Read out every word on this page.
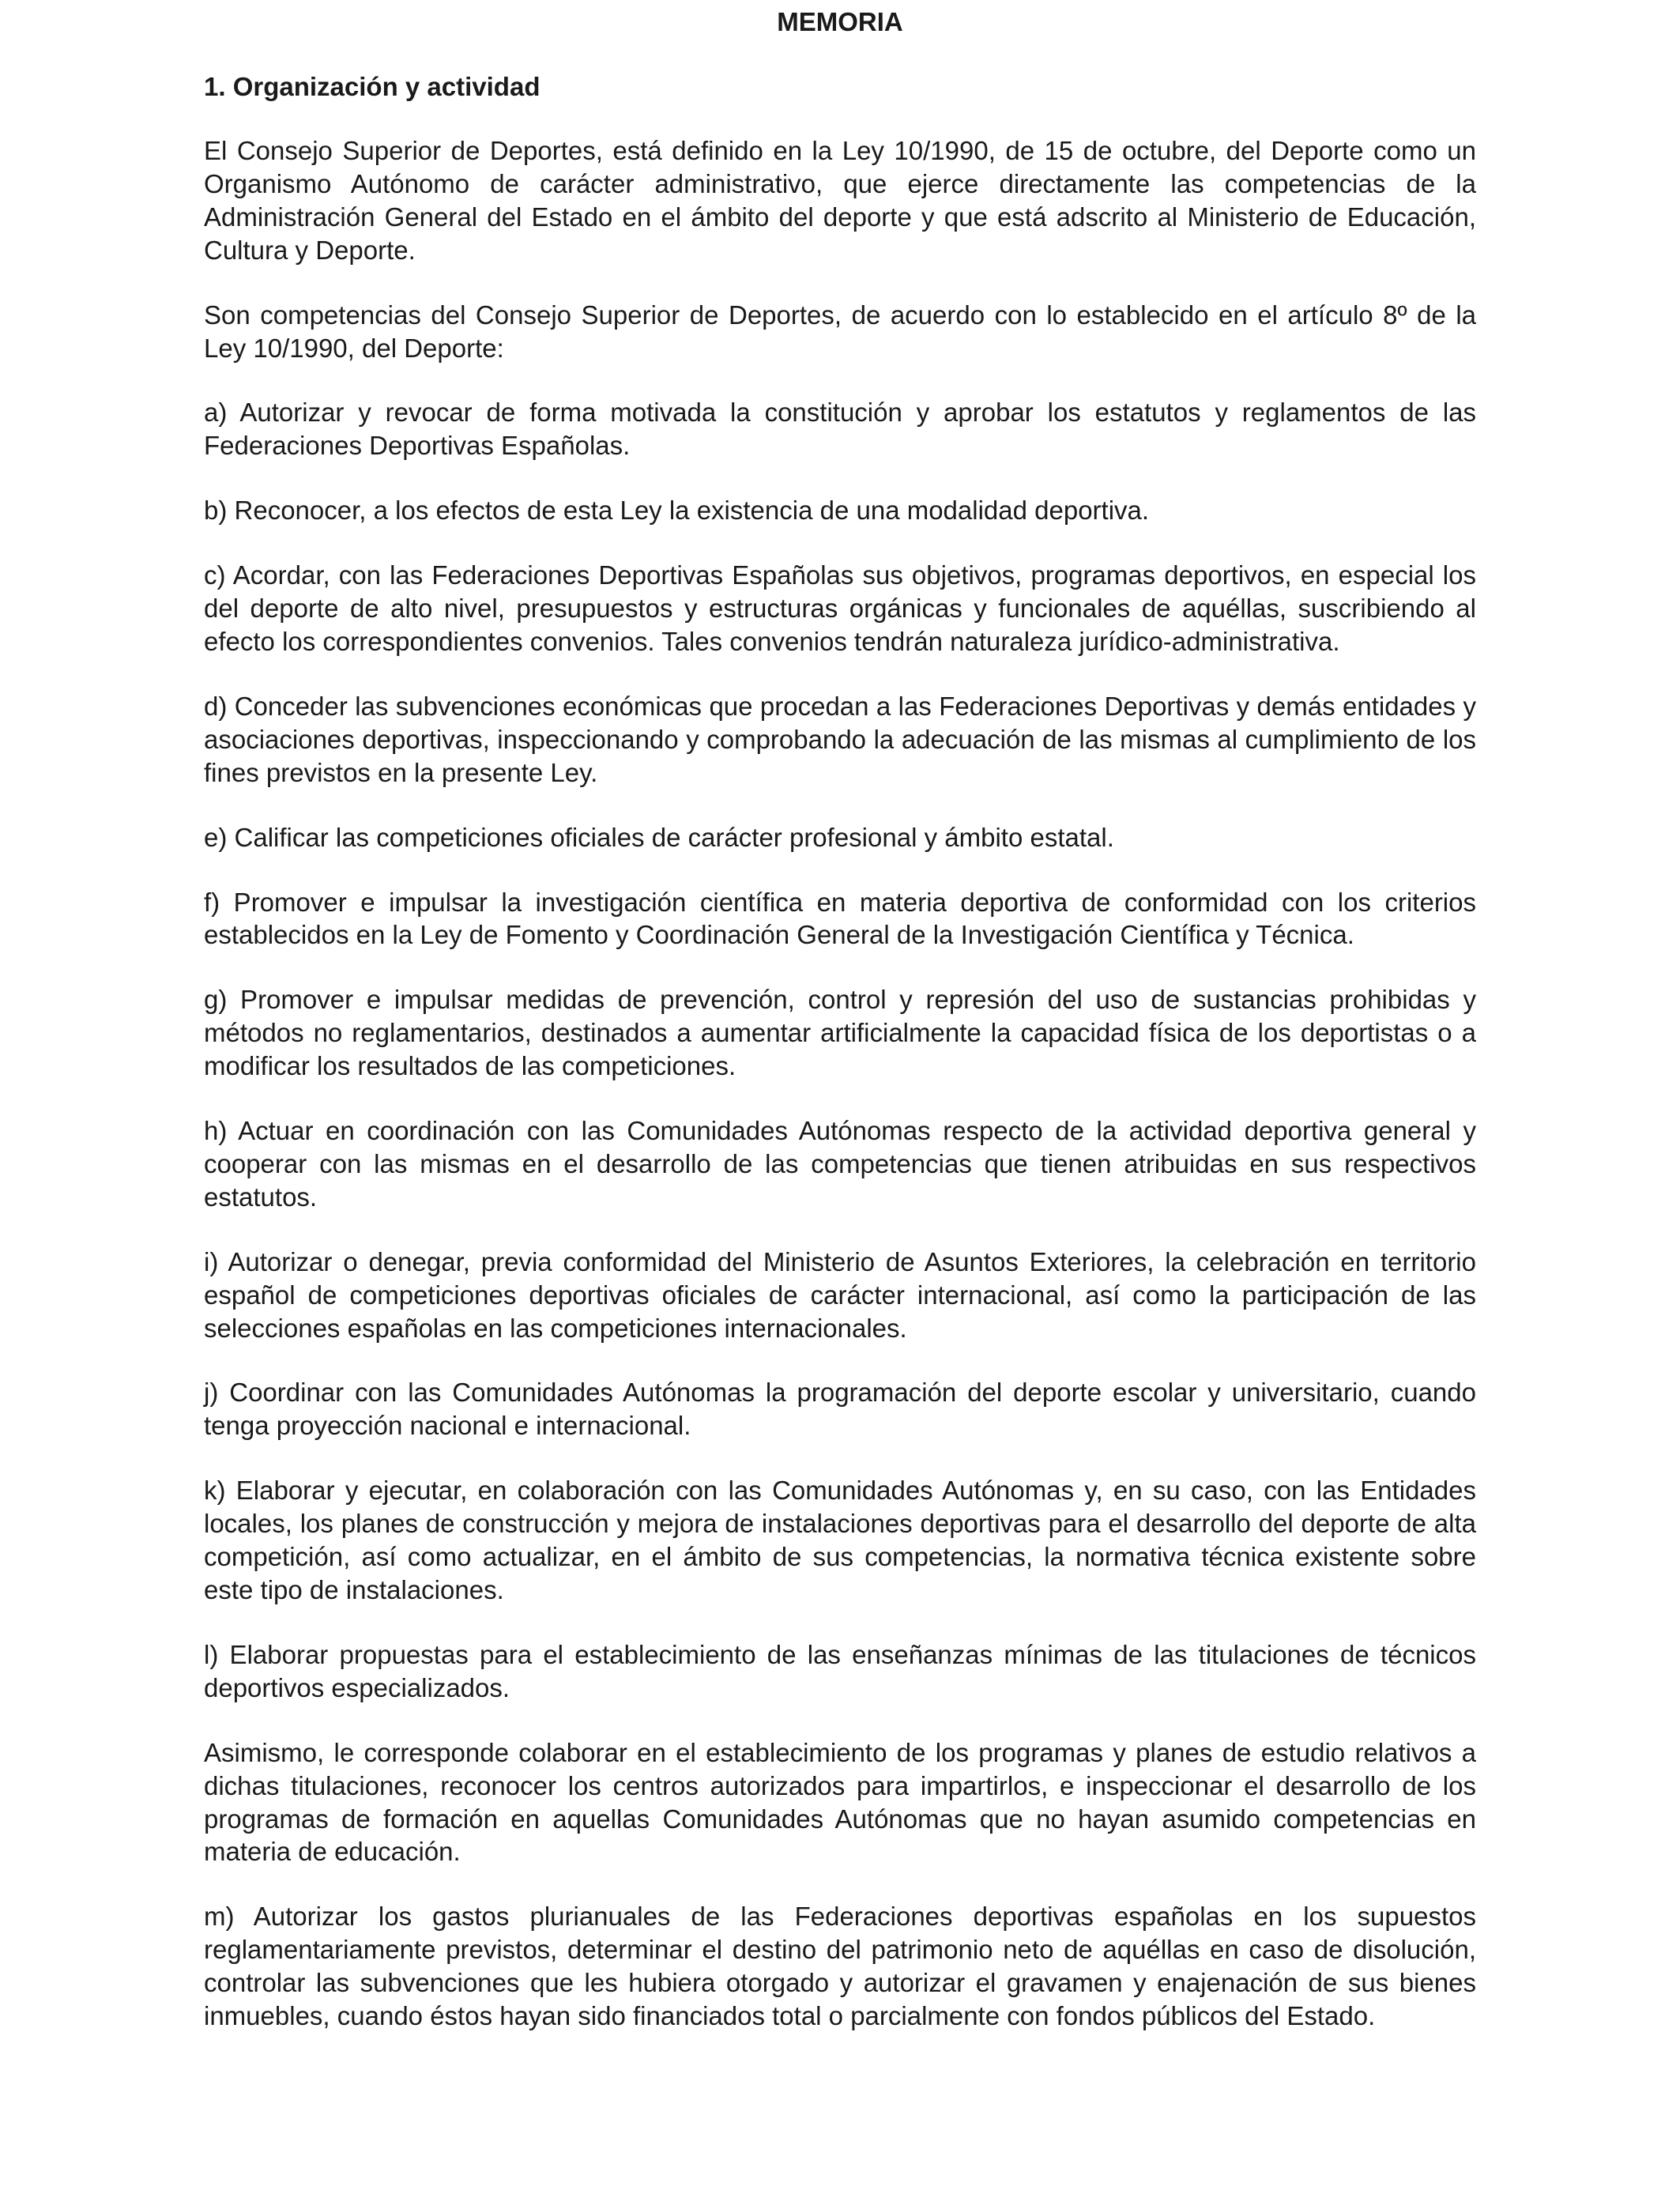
MEMORIA
1. Organización y actividad

El Consejo Superior de Deportes, está definido en la Ley 10/1990, de 15 de octubre, del Deporte como un Organismo Autónomo de carácter administrativo, que ejerce directamente las competencias de la Administración General del Estado en el ámbito del deporte y que está adscrito al Ministerio de Educación, Cultura y Deporte.

Son competencias del Consejo Superior de Deportes, de acuerdo con lo establecido en el artículo 8º de la Ley 10/1990, del Deporte:

a) Autorizar y revocar de forma motivada la constitución y aprobar los estatutos y reglamentos de las Federaciones Deportivas Españolas.

b) Reconocer, a los efectos de esta Ley la existencia de una modalidad deportiva.

c) Acordar, con las Federaciones Deportivas Españolas sus objetivos, programas deportivos, en especial los del deporte de alto nivel, presupuestos y estructuras orgánicas y funcionales de aquéllas, suscribiendo al efecto los correspondientes convenios. Tales convenios tendrán naturaleza jurídico-administrativa.

d) Conceder las subvenciones económicas que procedan a las Federaciones Deportivas y demás entidades y asociaciones deportivas, inspeccionando y comprobando la adecuación de las mismas al cumplimiento de los fines previstos en la presente Ley.

e) Calificar las competiciones oficiales de carácter profesional y ámbito estatal.

f) Promover e impulsar la investigación científica en materia deportiva de conformidad con los criterios establecidos en la Ley de Fomento y Coordinación General de la Investigación Científica y Técnica.

g) Promover e impulsar medidas de prevención, control y represión del uso de sustancias prohibidas y métodos no reglamentarios, destinados a aumentar artificialmente la capacidad física de los deportistas o a modificar los resultados de las competiciones.

h) Actuar en coordinación con las Comunidades Autónomas respecto de la actividad deportiva general y cooperar con las mismas en el desarrollo de las competencias que tienen atribuidas en sus respectivos estatutos.

i) Autorizar o denegar, previa conformidad del Ministerio de Asuntos Exteriores, la celebración en territorio español de competiciones deportivas oficiales de carácter internacional, así como la participación de las selecciones españolas en las competiciones internacionales.

j) Coordinar con las Comunidades Autónomas la programación del deporte escolar y universitario, cuando tenga proyección nacional e internacional.

k) Elaborar y ejecutar, en colaboración con las Comunidades Autónomas y, en su caso, con las Entidades locales, los planes de construcción y mejora de instalaciones deportivas para el desarrollo del deporte de alta competición, así como actualizar, en el ámbito de sus competencias, la normativa técnica existente sobre este tipo de instalaciones.

l) Elaborar propuestas para el establecimiento de las enseñanzas mínimas de las titulaciones de técnicos deportivos especializados.

Asimismo, le corresponde colaborar en el establecimiento de los programas y planes de estudio relativos a dichas titulaciones, reconocer los centros autorizados para impartirlos, e inspeccionar el desarrollo de los programas de formación en aquellas Comunidades Autónomas que no hayan asumido competencias en materia de educación.

m) Autorizar los gastos plurianuales de las Federaciones deportivas españolas en los supuestos reglamentariamente previstos, determinar el destino del patrimonio neto de aquéllas en caso de disolución, controlar las subvenciones que les hubiera otorgado y autorizar el gravamen y enajenación de sus bienes inmuebles, cuando éstos hayan sido financiados total o parcialmente con fondos públicos del Estado.
